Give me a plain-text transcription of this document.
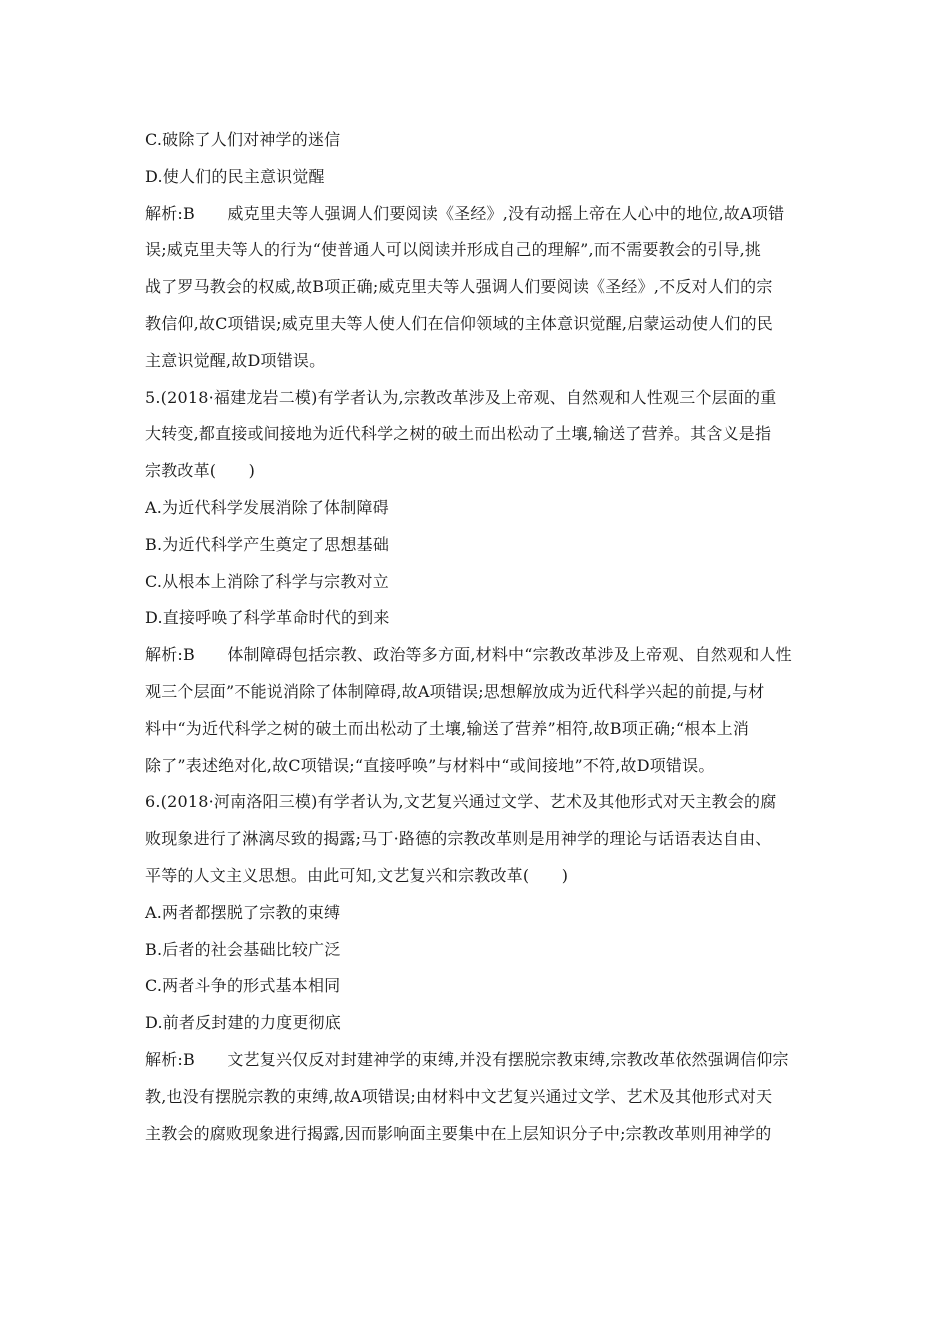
C.破除了人们对神学的迷信

D.使人们的民主意识觉醒

解析:B　　威克里夫等人强调人们要阅读《圣经》,没有动摇上帝在人心中的地位,故A项错

误;威克里夫等人的行为“使普通人可以阅读并形成自己的理解”,而不需要教会的引导,挑

战了罗马教会的权威,故B项正确;威克里夫等人强调人们要阅读《圣经》,不反对人们的宗

教信仰,故C项错误;威克里夫等人使人们在信仰领域的主体意识觉醒,启蒙运动使人们的民

主意识觉醒,故D项错误。

5.(2018·福建龙岩二模)有学者认为,宗教改革涉及上帝观、自然观和人性观三个层面的重

大转变,都直接或间接地为近代科学之树的破土而出松动了土壤,输送了营养。其含义是指

宗教改革(　　)

A.为近代科学发展消除了体制障碍

B.为近代科学产生奠定了思想基础

C.从根本上消除了科学与宗教对立

D.直接呼唤了科学革命时代的到来

解析:B　　体制障碍包括宗教、政治等多方面,材料中“宗教改革涉及上帝观、自然观和人性

观三个层面”不能说消除了体制障碍,故A项错误;思想解放成为近代科学兴起的前提,与材

料中“为近代科学之树的破土而出松动了土壤,输送了营养”相符,故B项正确;“根本上消

除了”表述绝对化,故C项错误;“直接呼唤”与材料中“或间接地”不符,故D项错误。

6.(2018·河南洛阳三模)有学者认为,文艺复兴通过文学、艺术及其他形式对天主教会的腐

败现象进行了淋漓尽致的揭露;马丁·路德的宗教改革则是用神学的理论与话语表达自由、

平等的人文主义思想。由此可知,文艺复兴和宗教改革(　　)

A.两者都摆脱了宗教的束缚

B.后者的社会基础比较广泛

C.两者斗争的形式基本相同

D.前者反封建的力度更彻底

解析:B　　文艺复兴仅反对封建神学的束缚,并没有摆脱宗教束缚,宗教改革依然强调信仰宗

教,也没有摆脱宗教的束缚,故A项错误;由材料中文艺复兴通过文学、艺术及其他形式对天

主教会的腐败现象进行揭露,因而影响面主要集中在上层知识分子中;宗教改革则用神学的
